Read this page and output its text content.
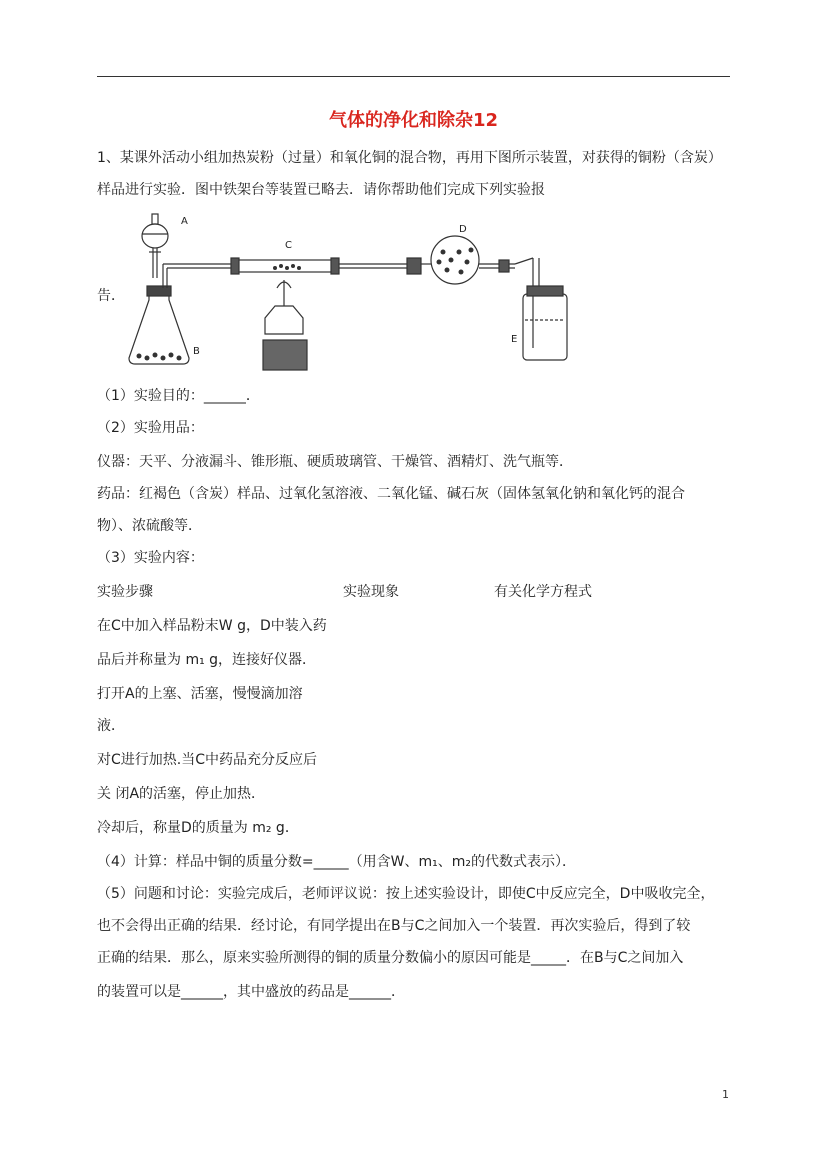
气体的净化和除杂12
1、某课外活动小组加热炭粉（过量）和氧化铜的混合物，再用下图所示装置，对获得的铜粉（含炭）
样品进行实验．图中铁架台等装置已略去．请你帮助他们完成下列实验报
告．
A
B
C
D
E
（1）实验目的：______．
（2）实验用品：
仪器：天平、分液漏斗、锥形瓶、硬质玻璃管、干燥管、酒精灯、洗气瓶等．
药品：红褐色（含炭）样品、过氧化氢溶液、二氧化锰、碱石灰（固体氢氧化钠和氧化钙的混合
物）、浓硫酸等．
（3）实验内容：
实验步骤	实验现象	有关化学方程式
在C中加入样品粉末W g，D中装入药
品后并称量为 m₁ g，连接好仪器．
打开A的上塞、活塞，慢慢滴加溶
液．
对C进行加热.当C中药品充分反应后
关 闭A的活塞，停止加热．
冷却后，称量D的质量为 m₂ g．
（4）计算：样品中铜的质量分数=_____（用含W、m₁、m₂的代数式表示）．
（5）问题和讨论：实验完成后，老师评议说：按上述实验设计，即使C中反应完全，D中吸收完全，
也不会得出正确的结果．经讨论，有同学提出在B与C之间加入一个装置．再次实验后，得到了较
正确的结果．那么，原来实验所测得的铜的质量分数偏小的原因可能是_____．在B与C之间加入
的装置可以是______，其中盛放的药品是______．
1
